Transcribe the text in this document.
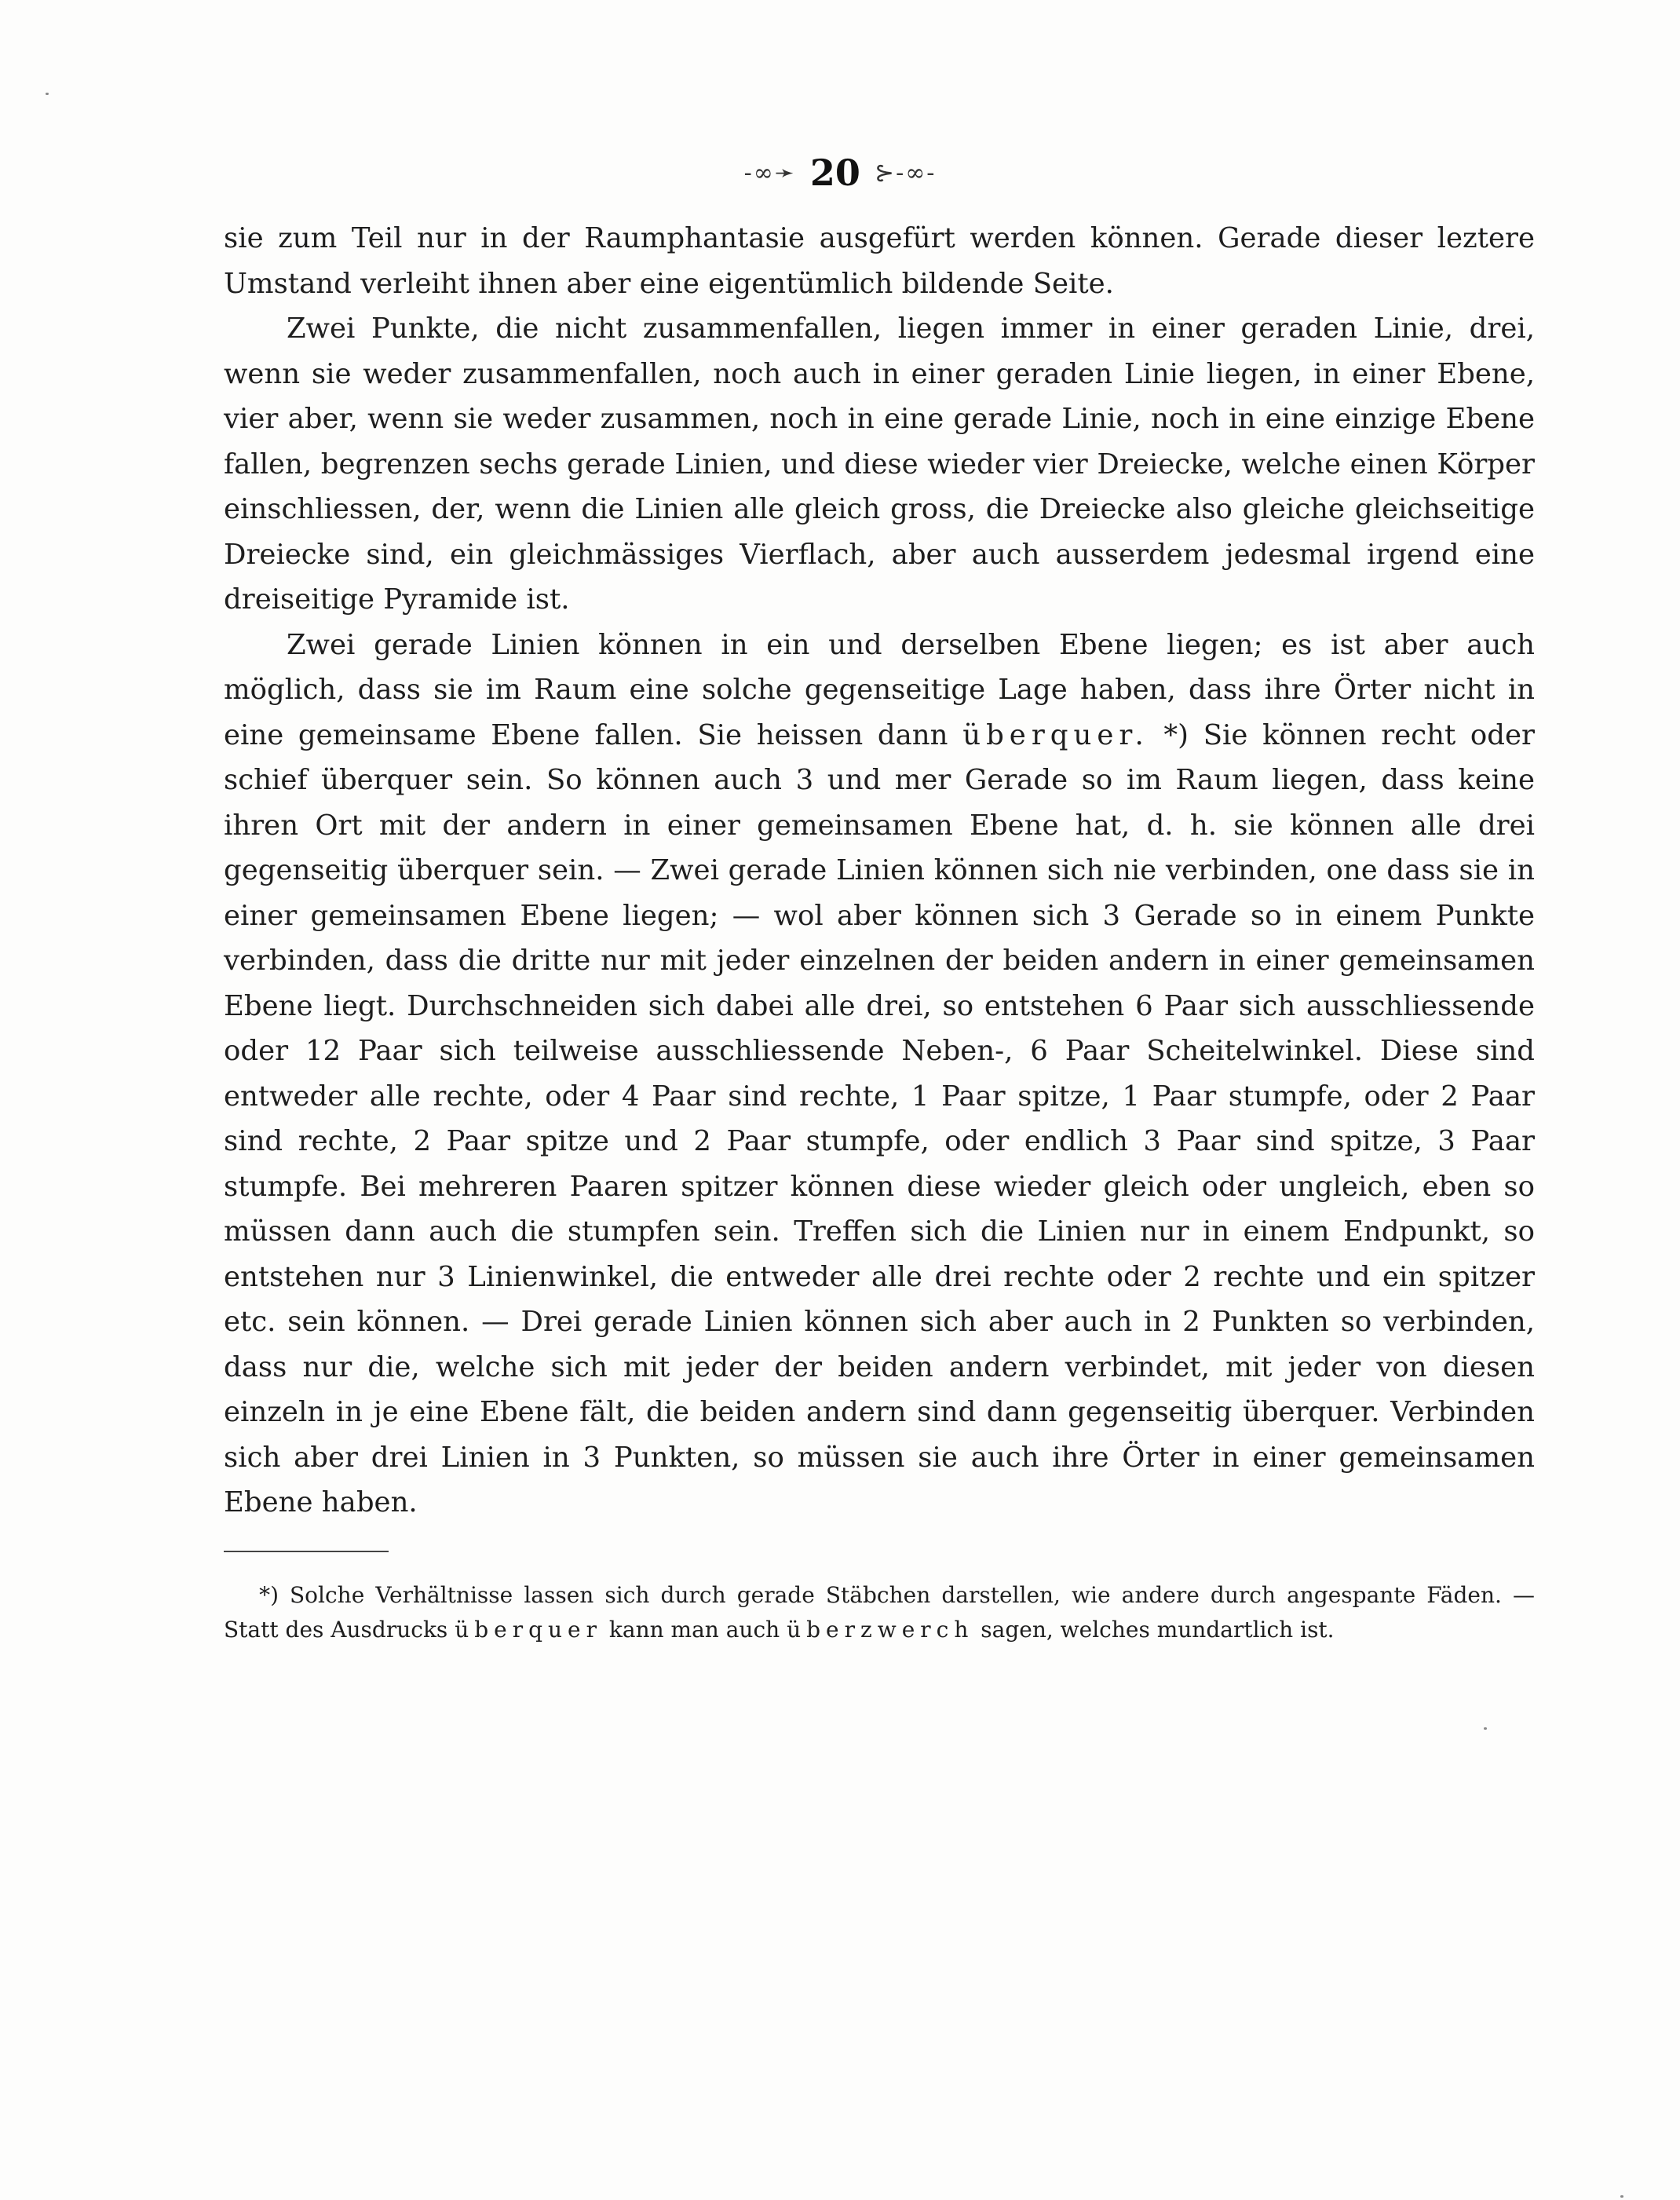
-∞➛ 20 ⊱-∞-

sie zum Teil nur in der Raumphantasie ausgefürt werden können. Gerade dieser leztere Umstand verleiht ihnen aber eine eigentümlich bildende Seite.

Zwei Punkte, die nicht zusammenfallen, liegen immer in einer geraden Linie, drei, wenn sie weder zusammenfallen, noch auch in einer geraden Linie liegen, in einer Ebene, vier aber, wenn sie weder zusammen, noch in eine gerade Linie, noch in eine einzige Ebene fallen, begrenzen sechs gerade Linien, und diese wieder vier Dreiecke, welche einen Körper einschliessen, der, wenn die Linien alle gleich gross, die Dreiecke also gleiche gleichseitige Dreiecke sind, ein gleichmässiges Vierflach, aber auch ausserdem jedesmal irgend eine dreiseitige Pyramide ist.

Zwei gerade Linien können in ein und derselben Ebene liegen; es ist aber auch möglich, dass sie im Raum eine solche gegenseitige Lage haben, dass ihre Örter nicht in eine gemeinsame Ebene fallen. Sie heissen dann überquer. *) Sie können recht oder schief überquer sein. So können auch 3 und mer Gerade so im Raum liegen, dass keine ihren Ort mit der andern in einer gemeinsamen Ebene hat, d. h. sie können alle drei gegenseitig überquer sein. — Zwei gerade Linien können sich nie verbinden, one dass sie in einer gemeinsamen Ebene liegen; — wol aber können sich 3 Gerade so in einem Punkte verbinden, dass die dritte nur mit jeder einzelnen der beiden andern in einer gemeinsamen Ebene liegt. Durchschneiden sich dabei alle drei, so entstehen 6 Paar sich ausschliessende oder 12 Paar sich teilweise ausschliessende Neben-, 6 Paar Scheitelwinkel. Diese sind entweder alle rechte, oder 4 Paar sind rechte, 1 Paar spitze, 1 Paar stumpfe, oder 2 Paar sind rechte, 2 Paar spitze und 2 Paar stumpfe, oder endlich 3 Paar sind spitze, 3 Paar stumpfe. Bei mehreren Paaren spitzer können diese wieder gleich oder ungleich, eben so müssen dann auch die stumpfen sein. Treffen sich die Linien nur in einem Endpunkt, so entstehen nur 3 Linienwinkel, die entweder alle drei rechte oder 2 rechte und ein spitzer etc. sein können. — Drei gerade Linien können sich aber auch in 2 Punkten so verbinden, dass nur die, welche sich mit jeder der beiden andern verbindet, mit jeder von diesen einzeln in je eine Ebene fält, die beiden andern sind dann gegenseitig überquer. Verbinden sich aber drei Linien in 3 Punkten, so müssen sie auch ihre Örter in einer gemeinsamen Ebene haben.

*) Solche Verhältnisse lassen sich durch gerade Stäbchen darstellen, wie andere durch angespante Fäden. — Statt des Ausdrucks überquer kann man auch überzwerch sagen, welches mundartlich ist.
